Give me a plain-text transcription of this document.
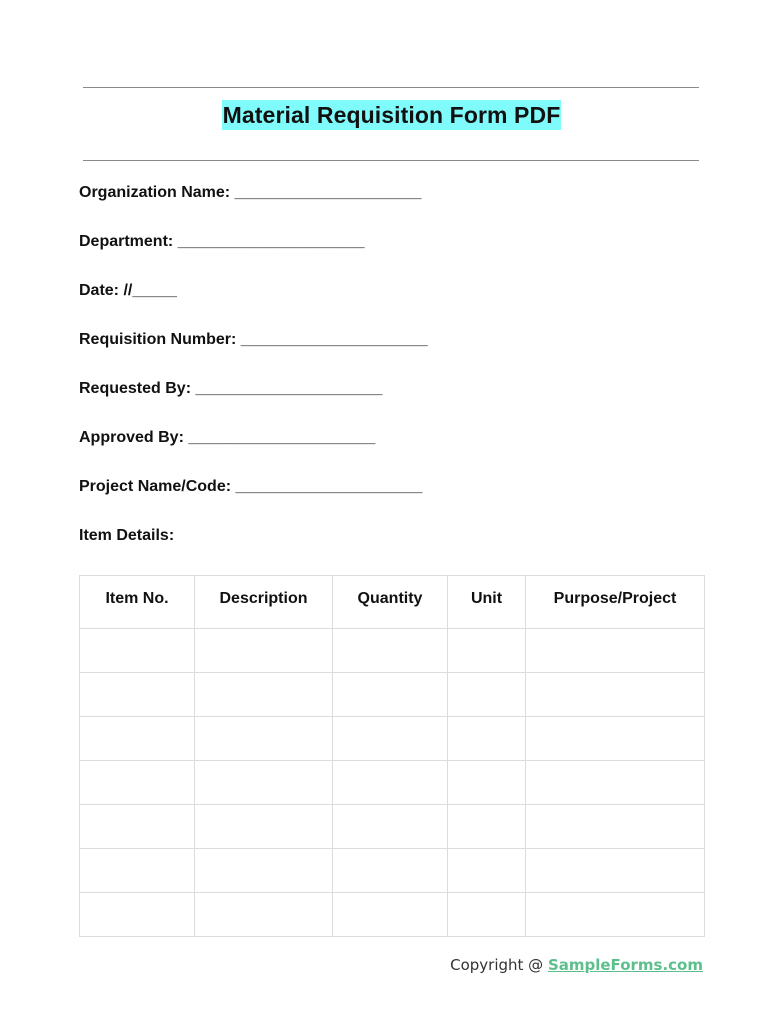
Material Requisition Form PDF
Organization Name: _____________________
Department: _____________________
Date: //_____
Requisition Number: _____________________
Requested By: _____________________
Approved By: _____________________
Project Name/Code: _____________________
Item Details:
Item No.	Description	Quantity	Unit	Purpose/Project

Copyright @ SampleForms.com
